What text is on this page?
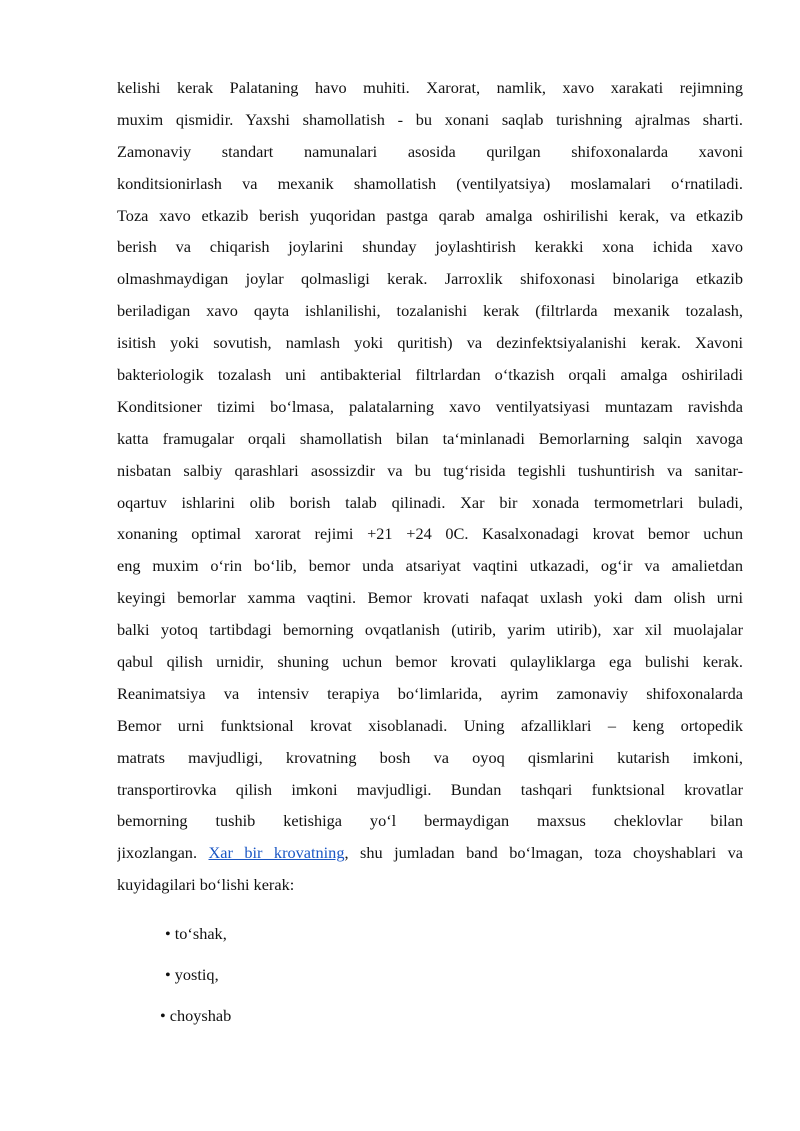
kelishi kerak Palataning havo muhiti. Xarorat, namlik, xavo xarakati rejimning
muxim qismidir. Yaxshi shamollatish - bu xonani saqlab turishning ajralmas sharti.
Zamonaviy standart namunalari asosida qurilgan shifoxonalarda xavoni
konditsionirlash va mexanik shamollatish (ventilyatsiya) moslamalari oʻrnatiladi.
Toza xavo etkazib berish yuqoridan pastga qarab amalga oshirilishi kerak, va etkazib
berish va chiqarish joylarini shunday joylashtirish kerakki xona ichida xavo
olmashmaydigan joylar qolmasligi kerak. Jarroxlik shifoxonasi binolariga etkazib
beriladigan xavo qayta ishlanilishi, tozalanishi kerak (filtrlarda mexanik tozalash,
isitish yoki sovutish, namlash yoki quritish) va dezinfektsiyalanishi kerak. Xavoni
bakteriologik tozalash uni antibakterial filtrlardan oʻtkazish orqali amalga oshiriladi
Konditsioner tizimi boʻlmasa, palatalarning xavo ventilyatsiyasi muntazam ravishda
katta framugalar orqali shamollatish bilan taʻminlanadi Bemorlarning salqin xavoga
nisbatan salbiy qarashlari asossizdir va bu tugʻrisida tegishli tushuntirish va sanitar-
oqartuv ishlarini olib borish talab qilinadi. Xar bir xonada termometrlari buladi,
xonaning optimal xarorat rejimi +21 +24 0C. Kasalxonadagi krovat bemor uchun
eng muxim oʻrin boʻlib, bemor unda atsariyat vaqtini utkazadi, ogʻir va amalietdan
keyingi bemorlar xamma vaqtini. Bemor krovati nafaqat uxlash yoki dam olish urni
balki yotoq tartibdagi bemorning ovqatlanish (utirib, yarim utirib), xar xil muolajalar
qabul qilish urnidir, shuning uchun bemor krovati qulayliklarga ega bulishi kerak.
Reanimatsiya va intensiv terapiya boʻlimlarida, ayrim zamonaviy shifoxonalarda
Bemor urni funktsional krovat xisoblanadi. Uning afzalliklari – keng ortopedik
matrats mavjudligi, krovatning bosh va oyoq qismlarini kutarish imkoni,
transportirovka qilish imkoni mavjudligi. Bundan tashqari funktsional krovatlar
bemorning tushib ketishiga yoʻl bermaydigan maxsus cheklovlar bilan
jixozlangan. Xar bir krovatning, shu jumladan band boʻlmagan, toza choyshablari va
kuyidagilari boʻlishi kerak:
• toʻshak,
• yostiq,
• choyshab
